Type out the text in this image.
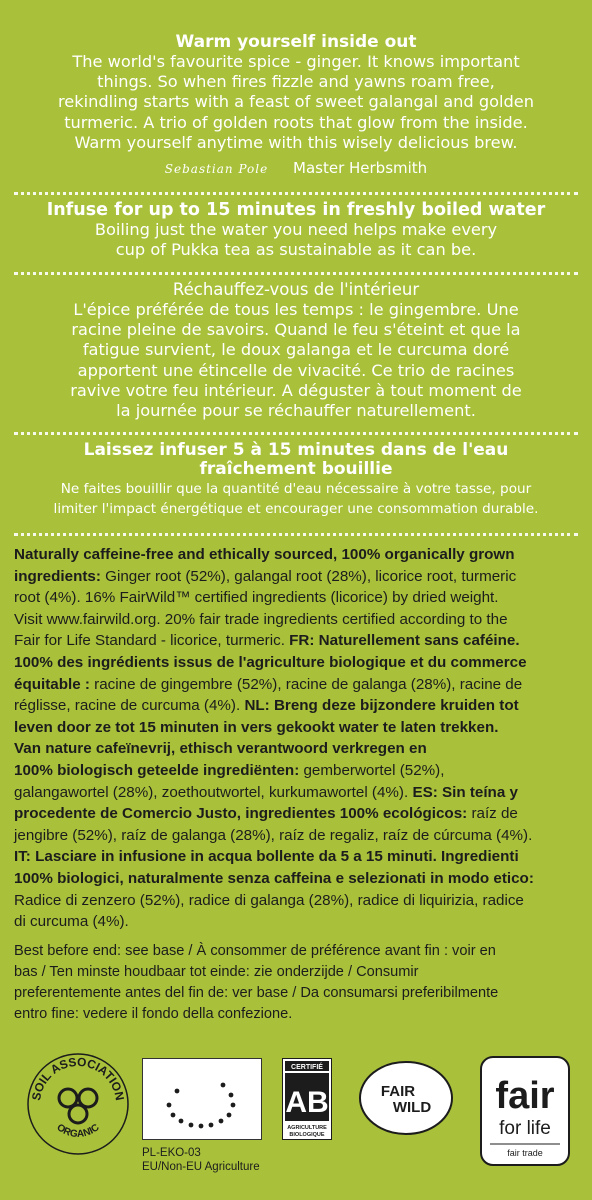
Warm yourself inside out
The world's favourite spice - ginger. It knows important
things. So when fires fizzle and yawns roam free,
rekindling starts with a feast of sweet galangal and golden
turmeric. A trio of golden roots that glow from the inside.
Warm yourself anytime with this wisely delicious brew.
Sebastian Pole Master Herbsmith
Infuse for up to 15 minutes in freshly boiled water
Boiling just the water you need helps make every
cup of Pukka tea as sustainable as it can be.
Réchauffez-vous de l'intérieur
L'épice préférée de tous les temps : le gingembre. Une
racine pleine de savoirs. Quand le feu s'éteint et que la
fatigue survient, le doux galanga et le curcuma doré
apportent une étincelle de vivacité. Ce trio de racines
ravive votre feu intérieur. A déguster à tout moment de
la journée pour se réchauffer naturellement.
Laissez infuser 5 à 15 minutes dans de l'eau
fraîchement bouillie
Ne faites bouillir que la quantité d'eau nécessaire à votre tasse, pour
limiter l'impact énergétique et encourager une consommation durable.
Naturally caffeine-free and ethically sourced, 100% organically grown
ingredients: Ginger root (52%), galangal root (28%), licorice root, turmeric
root (4%). 16% FairWild™ certified ingredients (licorice) by dried weight.
Visit www.fairwild.org. 20% fair trade ingredients certified according to the
Fair for Life Standard - licorice, turmeric. FR: Naturellement sans caféine.
100% des ingrédients issus de l'agriculture biologique et du commerce
équitable : racine de gingembre (52%), racine de galanga (28%), racine de
réglisse, racine de curcuma (4%). NL: Breng deze bijzondere kruiden tot
leven door ze tot 15 minuten in vers gekookt water te laten trekken.
Van nature cafeïnevrij, ethisch verantwoord verkregen en
100% biologisch geteelde ingrediënten: gemberwortel (52%),
galangawortel (28%), zoethoutwortel, kurkumawortel (4%). ES: Sin teína y
procedente de Comercio Justo, ingredientes 100% ecológicos: raíz de
jengibre (52%), raíz de galanga (28%), raíz de regaliz, raíz de cúrcuma (4%).
IT: Lasciare in infusione in acqua bollente da 5 a 15 minuti. Ingredienti
100% biologici, naturalmente senza caffeina e selezionati in modo etico:
Radice di zenzero (52%), radice di galanga (28%), radice di liquirizia, radice
di curcuma (4%).
Best before end: see base / À consommer de préférence avant fin : voir en
bas / Ten minste houdbaar tot einde: zie onderzijde / Consumir
preferentemente antes del fin de: ver base / Da consumarsi preferibilmente
entro fine: vedere il fondo della confezione.
SOIL ASSOCIATION
ORGANIC
PL-EKO-03
EU/Non-EU Agriculture
CERTIFIÉ
AB
AGRICULTURE
BIOLOGIQUE
FAIR
WILD fair
for life
fair trade
